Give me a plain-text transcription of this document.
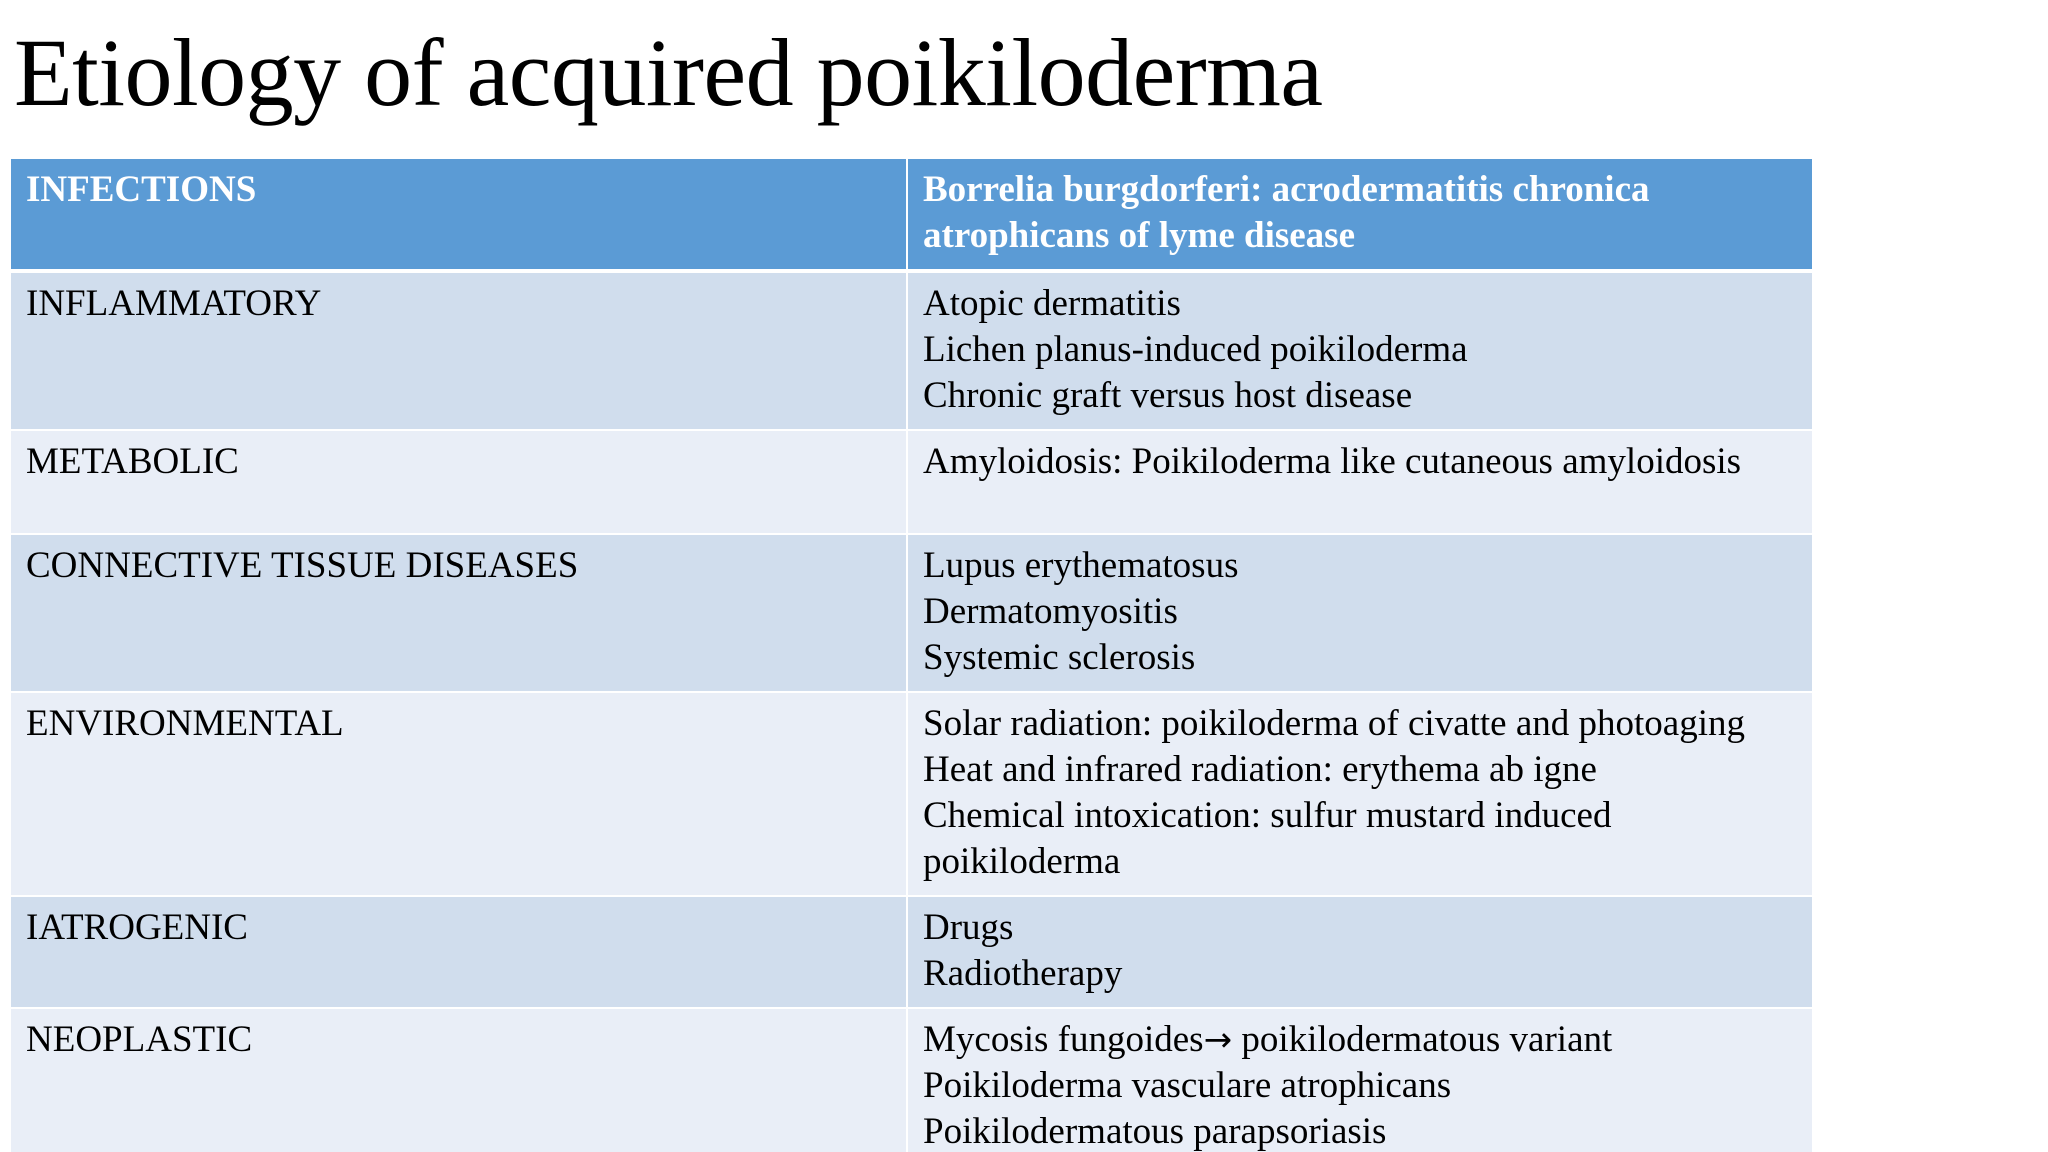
Etiology of acquired poikiloderma
INFECTIONS	Borrelia burgdorferi: acrodermatitis chronica atrophicans of lyme disease

INFLAMMATORY	Atopic dermatitis
Lichen planus-induced poikiloderma
Chronic graft versus host disease

METABOLIC	Amyloidosis: Poikiloderma like cutaneous amyloidosis

CONNECTIVE TISSUE DISEASES	Lupus erythematosus
Dermatomyositis
Systemic sclerosis

ENVIRONMENTAL	Solar radiation: poikiloderma of civatte and photoaging
Heat and infrared radiation: erythema ab igne
Chemical intoxication: sulfur mustard induced poikiloderma

IATROGENIC	Drugs
Radiotherapy

NEOPLASTIC	Mycosis fungoides→ poikilodermatous variant
Poikiloderma vasculare atrophicans
Poikilodermatous parapsoriasis
